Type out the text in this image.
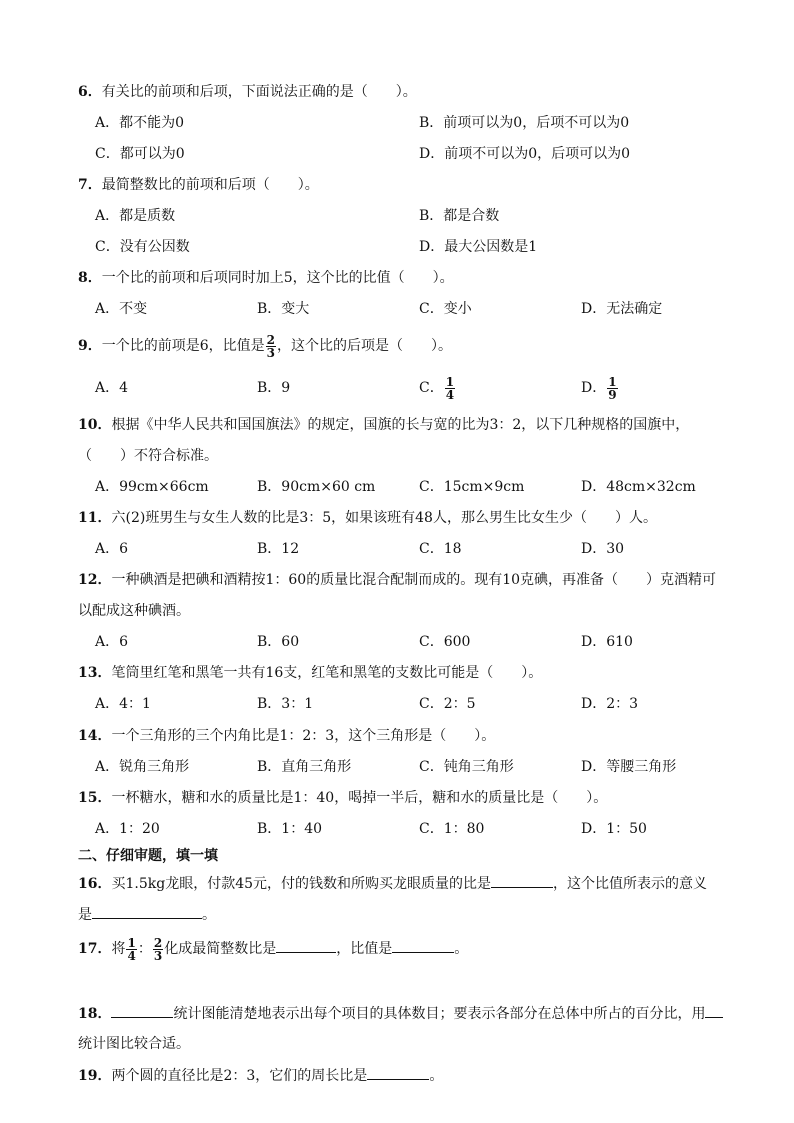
6．有关比的前项和后项，下面说法正确的是（　　）。
A．都不能为0	B．前项可以为0，后项不可以为0
C．都可以为0	D．前项不可以为0，后项可以为0
7．最简整数比的前项和后项（　　）。
A．都是质数	B．都是合数
C．没有公因数	D．最大公因数是1
8．一个比的前项和后项同时加上5，这个比的比值（　　）。
A．不变	B．变大	C．变小	D．无法确定
9．一个比的前项是6，比值是 $\frac{2}{3}$ ，这个比的后项是（　　）。
A．4	B．9	C． $\frac{1}{4}$	D． $\frac{1}{9}$
10．根据《中华人民共和国国旗法》的规定，国旗的长与宽的比为3：2，以下几种规格的国旗中，
（　　）不符合标准。
A．99cm×66cm	B．90cm×60 cm	C．15cm×9cm	D．48cm×32cm
11．六(2)班男生与女生人数的比是3：5，如果该班有48人，那么男生比女生少（　　）人。
A．6	B．12	C．18	D．30
12．一种碘酒是把碘和酒精按1：60的质量比混合配制而成的。现有10克碘，再准备（　　）克酒精可
以配成这种碘酒。
A．6	B．60	C．600	D．610
13．笔筒里红笔和黑笔一共有16支，红笔和黑笔的支数比可能是（　　）。
A．4：1	B．3：1	C．2：5	D．2：3
14．一个三角形的三个内角比是1：2：3，这个三角形是（　　）。
A．锐角三角形	B．直角三角形	C．钝角三角形	D．等腰三角形
15．一杯糖水，糖和水的质量比是1：40，喝掉一半后，糖和水的质量比是（　　）。
A．1：20	B．1：40	C．1：80	D．1：50
二、仔细审题，填一填
16．买1.5kg龙眼，付款45元，付的钱数和所购买龙眼质量的比是	，这个比值所表示的意义
是	。
17．将 $\frac{1}{4}$ ： $\frac{2}{3}$ 化成最简整数比是	，比值是	。
18．	统计图能清楚地表示出每个项目的具体数目；要表示各部分在总体中所占的百分比，用
统计图比较合适。
19．两个圆的直径比是2：3，它们的周长比是	。
